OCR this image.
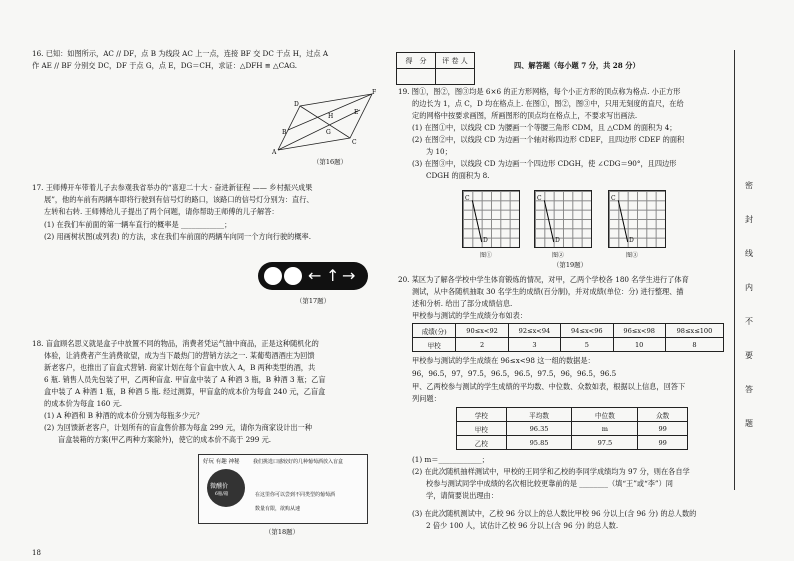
16. 已知：如图所示，AC // DF，点 B 为线段 AC 上一点，连接 BF 交 DC 于点 H，过点 A
作 AE // BF 分别交 DC，DF 于点 G，点 E，DG＝CH，求证：△DFH ≌ △CAG.
F
D
H
E
B	G
C
A
（第16题）
17. 王师傅开车带着儿子去参观我省举办的“喜迎二十大 · 奋进新征程 —— 乡村振兴成果
展”，他的车前有两辆车即将行驶到有信号灯的路口，该路口的信号灯分别为：直行、
左转和右转. 王师傅给儿子提出了两个问题，请你帮助王师傅的儿子解答：
(1) 在我们车前面的第一辆车直行的概率是 ____________；
(2) 用画树状图(或列表) 的方法，求在我们车前面的两辆车向同一个方向行驶的概率.
← ↑ →
（第17题）
18. 盲盒顾名思义就是盒子中放置不同的物品，消费者凭运气抽中商品，正是这种随机化的
体验，让消费者产生消费欲望，成为当下最热门的营销方法之一. 某葡萄酒酒庄为回馈
新老客户，也推出了盲盒式营销. 商家计划在每个盲盒中放入 A，B 两种类型的酒，共
6 瓶. 销售人员先包装了甲，乙两种盲盒. 甲盲盒中装了 A 种酒 3 瓶，B 种酒 3 瓶；乙盲
盒中装了 A 种酒 1 瓶，B 种酒 5 瓶. 经过测算，甲盲盒的成本价为每盒 240 元，乙盲盒
的成本价为每盒 160 元.
(1) A 种酒和 B 种酒的成本价分别为每瓶多少元？
(2) 为回馈新老客户，计划所有的盲盒售价都为每盒 299 元，请你为商家设计出一种
盲盒装箱的方案(甲乙两种方案除外)，使它的成本价不高于 299 元.
好玩 有趣 神秘
微醺价
6瓶/箱
我们挑选口感较好的几种葡萄酒放入盲盒
在这里你可以尝到不同类型的葡萄酒
数量有限，欲购从速
（第18题）
18
密
封
线
内
不
要
答
题
得　分	评 卷 人

四、解答题（每小题 7 分，共 28 分）
19. 图①，图②，图③均是 6×6 的正方形网格，每个小正方形的顶点称为格点. 小正方形
的边长为 1，点 C，D 均在格点上. 在图①，图②，图③中，只用无刻度的直尺，在给
定的网格中按要求画图，所画图形的顶点均在格点上，不要求写出画法.
(1) 在图①中，以线段 CD 为腰画一个等腰三角形 CDM，且 △CDM 的面积为 4；
(2) 在图②中，以线段 CD 为边画一个轴对称四边形 CDEF，且四边形 CDEF 的面积
为 10；
(3) 在图③中，以线段 CD 为边画一个四边形 CDGH，使 ∠CDG＝90°，且四边形
CDGH 的面积为 8.
C
D
图①
C
D
图②
C
D
图③
（第19题）
20. 某区为了解各学校中学生体育锻炼的情况，对甲，乙两个学校各 180 名学生进行了体育
测试，从中各随机抽取 30 名学生的成绩(百分制)，并对成绩(单位：分) 进行整理、描
述和分析. 给出了部分成绩信息.
甲校参与测试的学生成绩分布如表：
成绩(分)	90≤x<92	92≤x<94	94≤x<96	96≤x<98	98≤x≤100
甲校	2	3	5	10	8
甲校参与测试的学生成绩在 96≤x<98 这一组的数据是：
96，96.5，97，97.5，96.5，96.5，97.5，96，96.5，96.5
甲、乙两校参与测试的学生成绩的平均数、中位数、众数如表，根据以上信息，回答下
列问题：
学校	平均数	中位数	众数
甲校	96.35	m	99
乙校	95.85	97.5	99
(1) m＝____________；
(2) 在此次随机抽样测试中，甲校的王同学和乙校的李同学成绩均为 97 分，则在各自学
校参与测试同学中成绩的名次相比较更靠前的是 ________（填“王”或“李”）同
学，请简要说出理由：
(3) 在此次随机测试中，乙校 96 分以上的总人数比甲校 96 分以上(含 96 分) 的总人数的
2 倍少 100 人，试估计乙校 96 分以上(含 96 分) 的总人数.
